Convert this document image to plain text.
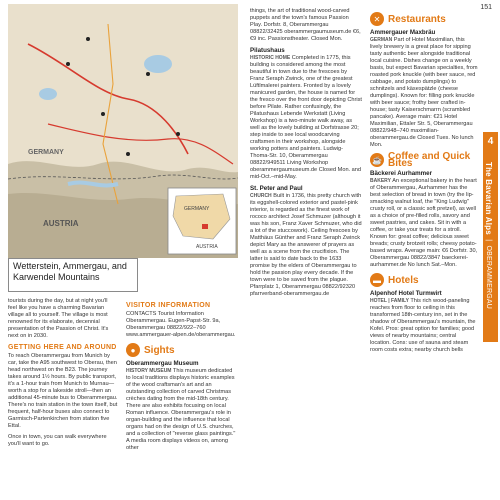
151
AUSTRIA
GERMANY
GERMANY
AUSTRIA
Wetterstein, Ammergau, and Karwendel Mountains
4
The Bavarian Alps  |  OBERAMMERGAU

tourists during the day, but at night you'll feel like you have a charming Bavarian village all to yourself. The village is most renowned for its elaborate, decennial presentation of the Passion of Christ. It's next on in 2030.

GETTING HERE AND AROUND

To reach Oberammergau from Munich by car, take the A95 southwest to Oberau, then head northwest on the B23. The journey takes around 1½ hours. By public transport, it's a 1-hour train from Munich to Murnau—worth a stop for a lakeside stroll—then an additional 45-minute bus to Oberammergau. There's no train station in the town itself, but frequent, half-hour buses also connect to Garmisch-Partenkirchen from station five Ettal.

Once in town, you can walk everywhere you'll want to go.

VISITOR INFORMATION

CONTACTS Tourist Information Oberammergau. Eugen-Papst-Str. 9a, Oberammergau 08822/922–760 www.ammergauer-alpen.de/oberammergau.

● Sights
Oberammergau Museum

HISTORY MUSEUM This museum dedicated to local traditions displays historic examples of the wood craftsman's art and an outstanding collection of carved Christmas crèches dating from the mid-18th century. There are also exhibits focusing on local Roman influence. Oberammergau's role in organ-building and the influence that local organs had on the design of U.S. churches, and a collection of "reverse glass paintings." A media room displays videos on, among other

things, the art of traditional wood-carved puppets and the town's famous Passion Play. Dorfstr. 8, Oberammergau 08822/32425 oberammergaumuseum.de €6, €9 inc. Passionstheater. Closed Mon.

Pilatushaus

HISTORIC HOME Completed in 1775, this building is considered among the most beautiful in town due to the frescoes by Franz Seraph Zwinck, one of the greatest Lüftlmalerei painters. Fronted by a lovely manicured garden, the house is named for the fresco over the front door depicting Christ before Pilate. Rather confusingly, the Pilatushaus Lebende Werkstatt (Living Workshop) is a two-minute walk away, as well as the lovely building at Dorfstrasse 20; step inside to see local woodcarving craftsmen in their workshop, alongside working potters and painters. Ludwig-Thoma-Str. 10, Oberammergau 08822/949511 Living Workshop oberammergaumuseum.de Closed Mon. and mid-Oct.–mid-May.

St. Peter and Paul

CHURCH Built in 1736, this pretty church with its eggshell-colored exterior and pastel-pink interior, is regarded as the finest work of rococo architect Josef Schmuzer (although it was his son, Franz Xaver Schmuzer, who did a lot of the stuccowork). Ceiling frescoes by Matthäus Günther and Franz Seraph Zwinck depict Mary as the answerer of prayers as well as a scene from the crucifixion. The latter is said to date back to the 1633 promise by the elders of Oberammergau to hold the passion play every decade. If the town were to be saved from the plague. Pfarrplatz 1, Oberammergau 08822/92320 pfarrverband-oberammergau.de

✕ Restaurants
Ammergauer Maxbräu

GERMAN Part of Hotel Maximilian, this lively brewery is a great place for sipping tasty authentic beer alongside traditional local cuisine. Dishes change on a weekly basis, but expect Bavarian specialties, from roasted pork knuckle (with beer sauce, red cabbage, and potato dumplings) to schnitzels and käsespätzle (cheese dumplings). Known for: filling pork knuckle with beer sauce; frothy beer crafted in-house; tasty Kaiserschmarrn (scrambled pancake). Average main: €21 Hotel Maximilian, Ettaler Str. 5, Oberammergau 08822/948–740 maximilian-oberammergau.de Closed Tues. No lunch Mon.

☕ Coffee and Quick Bites
Bäckerei Aurhammer

BAKERY An exceptional bakery in the heart of Oberammergau, Aurhammer has the best selection of bread in town (try the lip-smacking walnut loaf, the "King Ludwig" crusty roll, or a classic soft pretzel), as well as a choice of pre-filled rolls, savory and sweet pastries, and cakes. Sit in with a coffee, or take your treats for a stroll. Known for: great coffee; delicious sweet breads; crusty brotzeit rolls; cheesy potato-based wraps. Average main: €6 Dorfstr. 30, Oberammergau 08822/3847 baeckerei-aurhammer.de No lunch Sat.–Mon.

▬ Hotels
Alpenhof Hotel Turmwirt

HOTEL | FAMILY This rich wood-paneling reaches from floor to ceiling in this transformed 18th-century inn, set in the shadow of Oberammergau's mountain, the Kofel. Pros: great option for families; good views of nearby mountains; central location. Cons: use of sauna and steam room costs extra; nearby church bells
